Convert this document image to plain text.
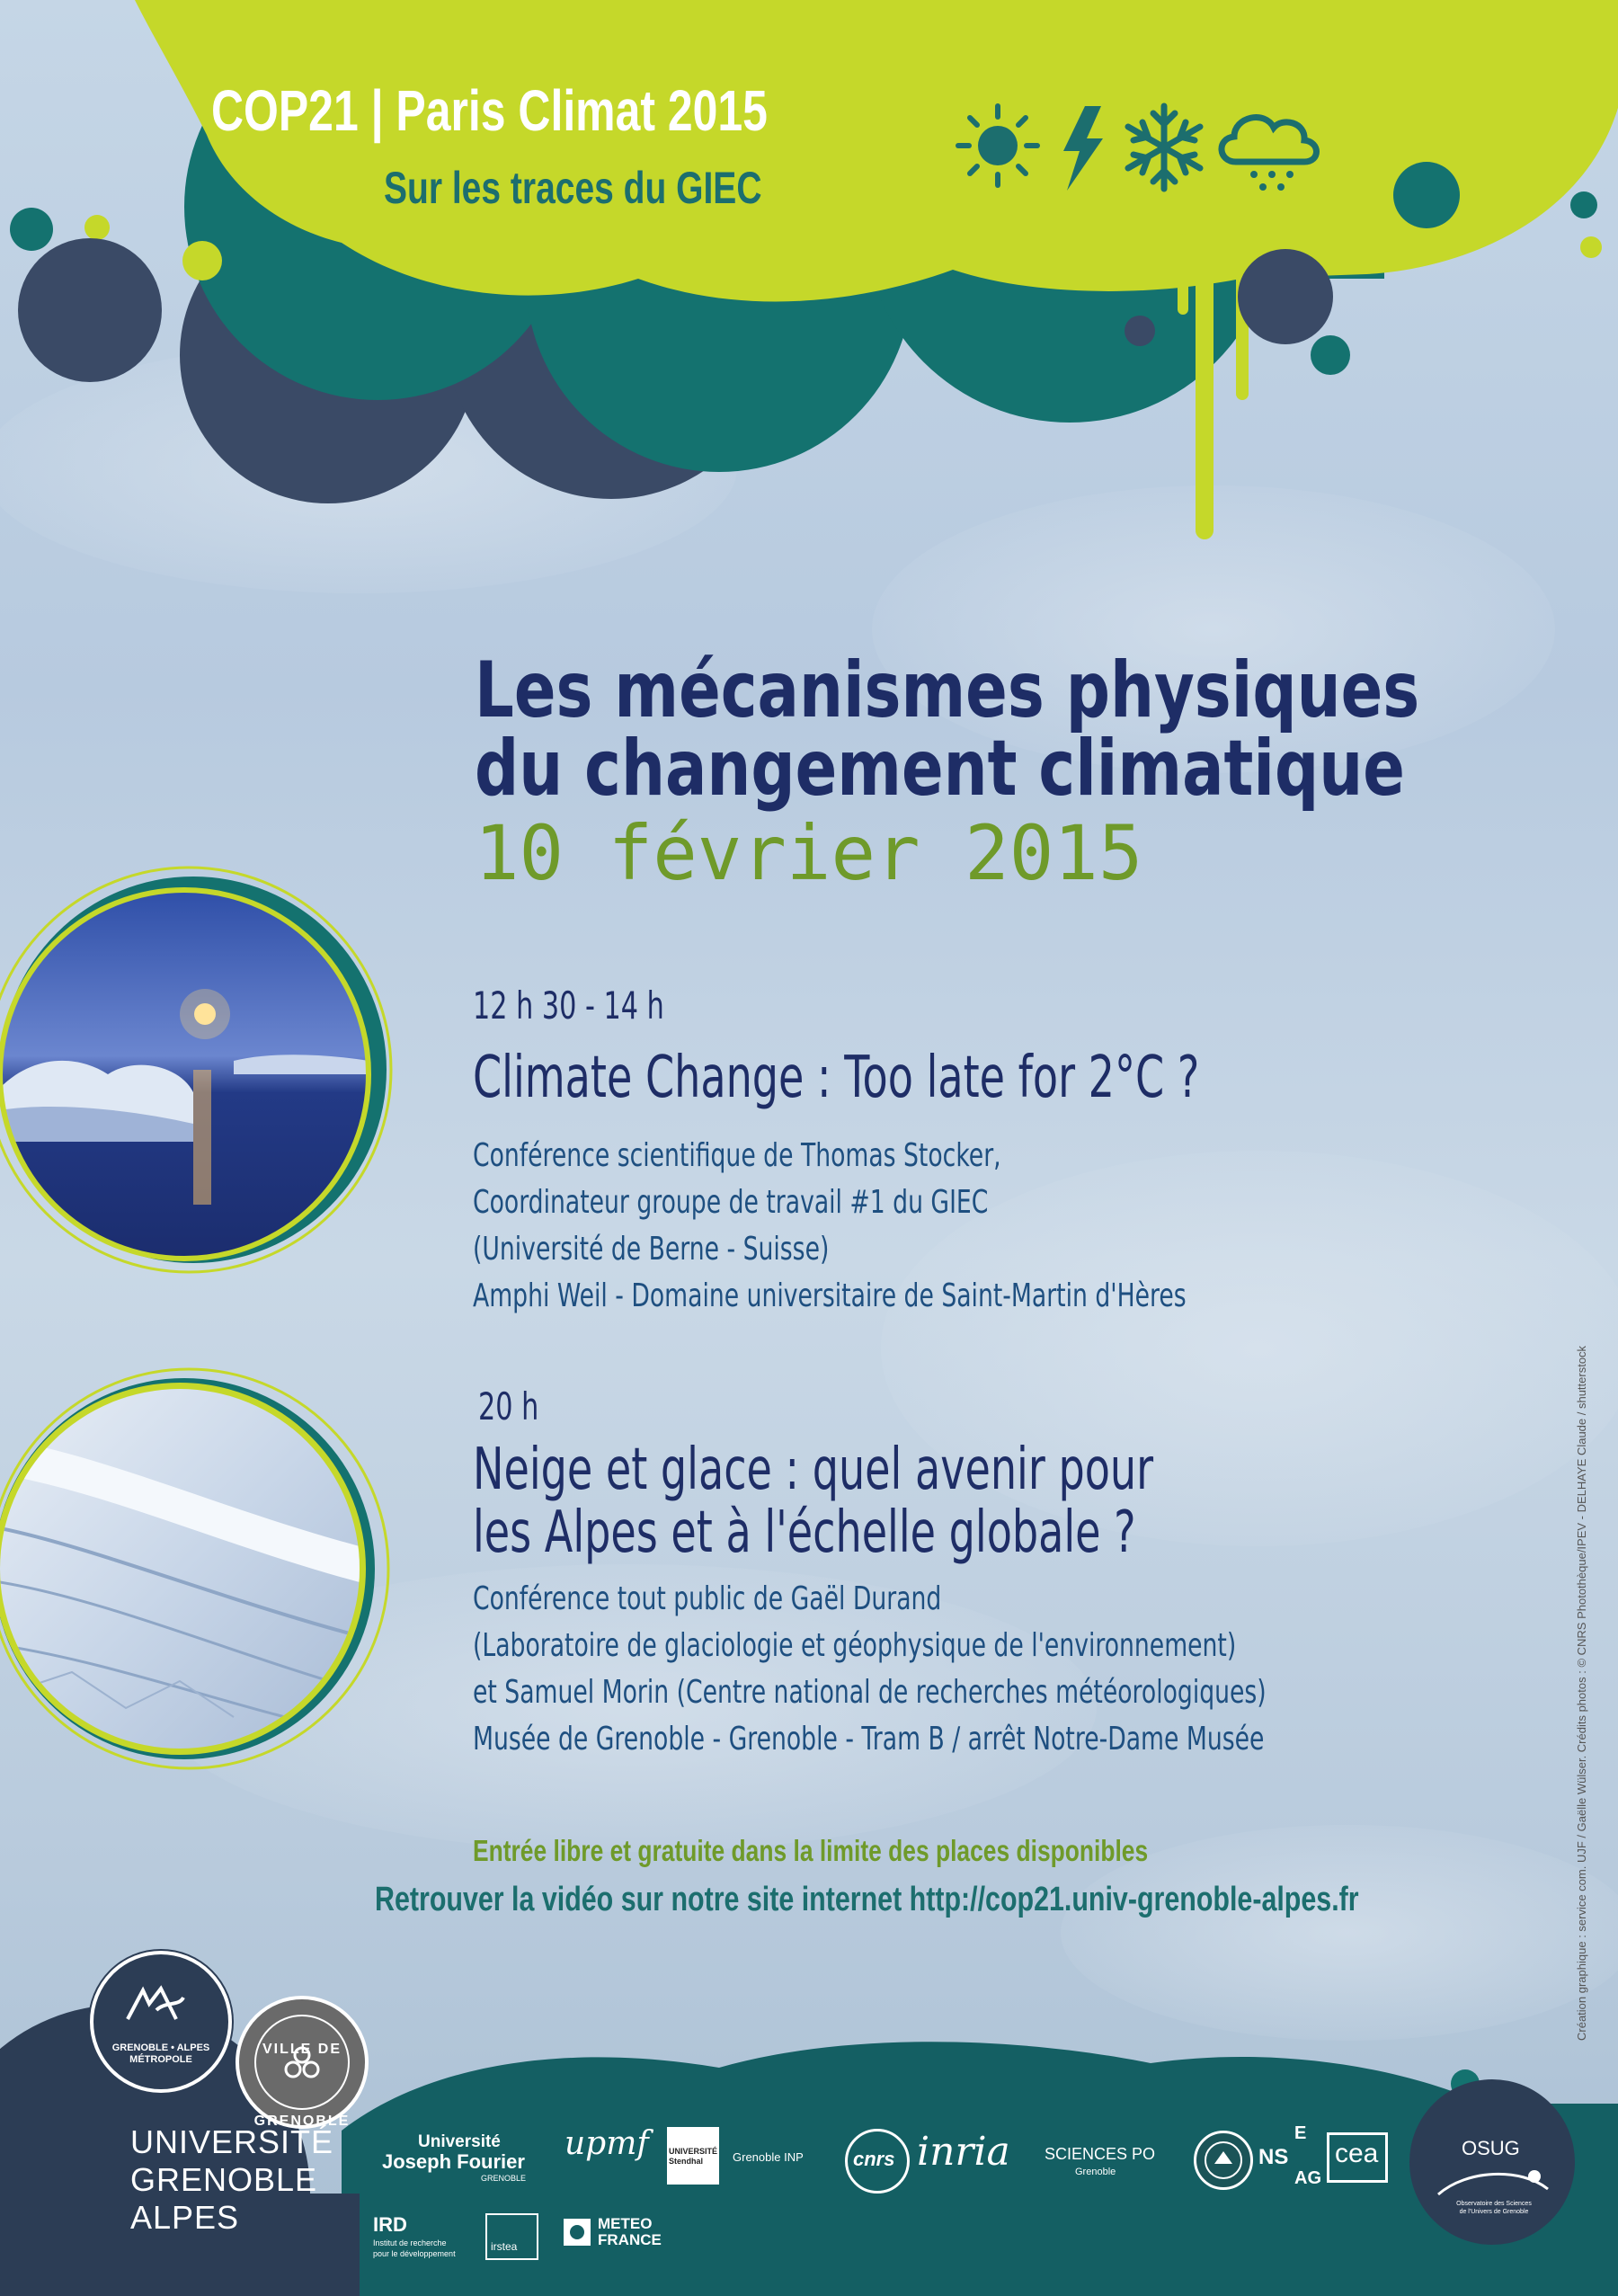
COP21 | Paris Climat 2015
Sur les traces du GIEC
Les mécanismes physiques
du changement climatique
10 février 2015
12 h 30 - 14 h
Climate Change : Too late for 2°C ?
Conférence scientifique de Thomas Stocker,
Coordinateur groupe de travail #1 du GIEC
(Université de Berne - Suisse)
Amphi Weil - Domaine universitaire de Saint-Martin d'Hères
20 h
Neige et glace : quel avenir pour
les Alpes et à l'échelle globale ?
Conférence tout public de Gaël Durand
(Laboratoire de glaciologie et géophysique de l'environnement)
et Samuel Morin (Centre national de recherches météorologiques)
Musée de Grenoble - Grenoble - Tram B / arrêt Notre-Dame Musée
Entrée libre et gratuite dans la limite des places disponibles
Retrouver la vidéo sur notre site internet http://cop21.univ-grenoble-alpes.fr	Création graphique : service com. UJF / Gaëlle Wülser. Crédits photos : © CNRS Photothèque/IPEV - DELHAYE Claude / shutterstock
GRENOBLE • ALPES MÉTROPOLE
VILLE DE GRENOBLE
UNIVERSITÉ
GRENOBLE
ALPES
Université
Joseph Fourier
GRENOBLE
upmf UNIVERSITÉ Stendhal	Grenoble INP	cnrs inria SCIENCES PO
Grenoble
NS
E
AG
cea
IRD
Institut de recherche
pour le développement
irstea
METEO
FRANCE
OSUG
Observatoire des Sciences de l'Univers de Grenoble
